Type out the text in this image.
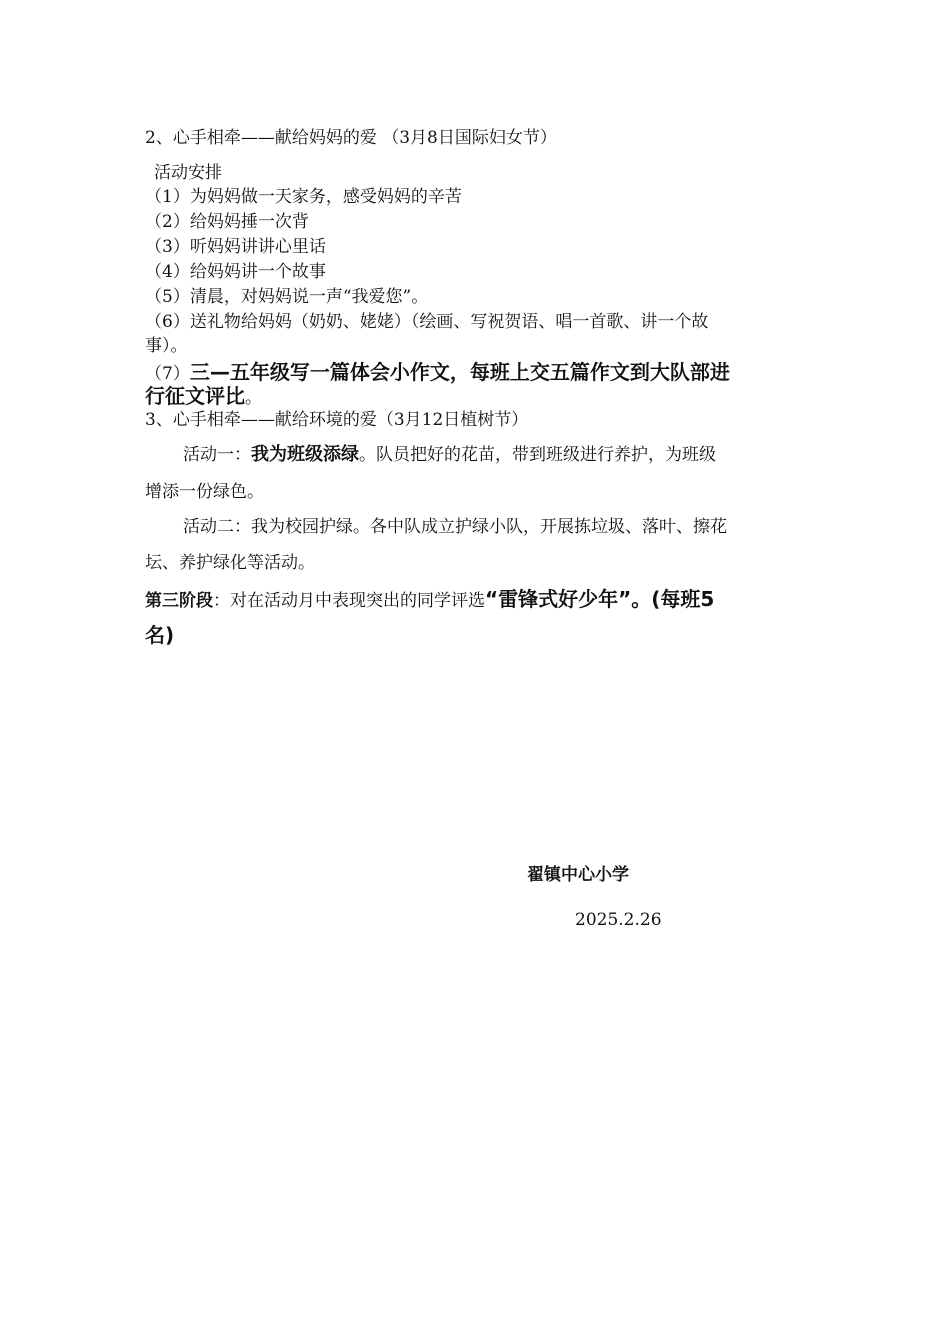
2、心手相牵——献给妈妈的爱 （3月8日国际妇女节）
活动安排
（1）为妈妈做一天家务，感受妈妈的辛苦
（2）给妈妈捶一次背
（3）听妈妈讲讲心里话
（4）给妈妈讲一个故事
（5）清晨，对妈妈说一声“我爱您”。
（6）送礼物给妈妈（奶奶、姥姥）（绘画、写祝贺语、唱一首歌、讲一个故
事）。
（7）三—五年级写一篇体会小作文，每班上交五篇作文到大队部进
行征文评比。
3、心手相牵——献给环境的爱（3月12日植树节）
活动一：我为班级添绿。队员把好的花苗，带到班级进行养护，为班级
增添一份绿色。
活动二：我为校园护绿。各中队成立护绿小队，开展拣垃圾、落叶、擦花
坛、养护绿化等活动。
第三阶段：对在活动月中表现突出的同学评选“雷锋式好少年”。(每班5
名)
翟镇中心小学
2025.2.26
